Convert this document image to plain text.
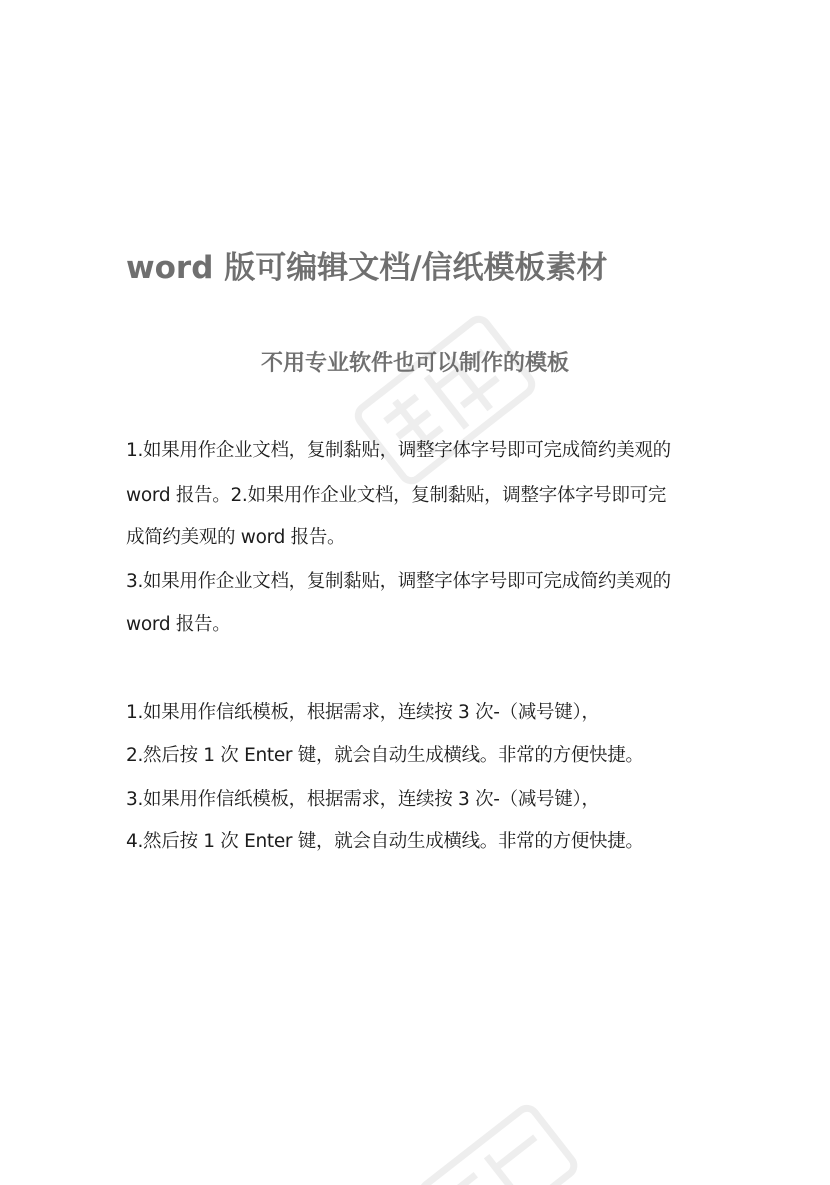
word 版可编辑文档/信纸模板素材
不用专业软件也可以制作的模板

1.如果用作企业文档，复制黏贴，调整字体字号即可完成简约美观的

word 报告。2.如果用作企业文档，复制黏贴，调整字体字号即可完

成简约美观的 word 报告。

3.如果用作企业文档，复制黏贴，调整字体字号即可完成简约美观的

word 报告。

1.如果用作信纸模板，根据需求，连续按 3 次-（减号键），

2.然后按 1 次 Enter 键，就会自动生成横线。非常的方便快捷。

3.如果用作信纸模板，根据需求，连续按 3 次-（减号键），

4.然后按 1 次 Enter 键，就会自动生成横线。非常的方便快捷。
